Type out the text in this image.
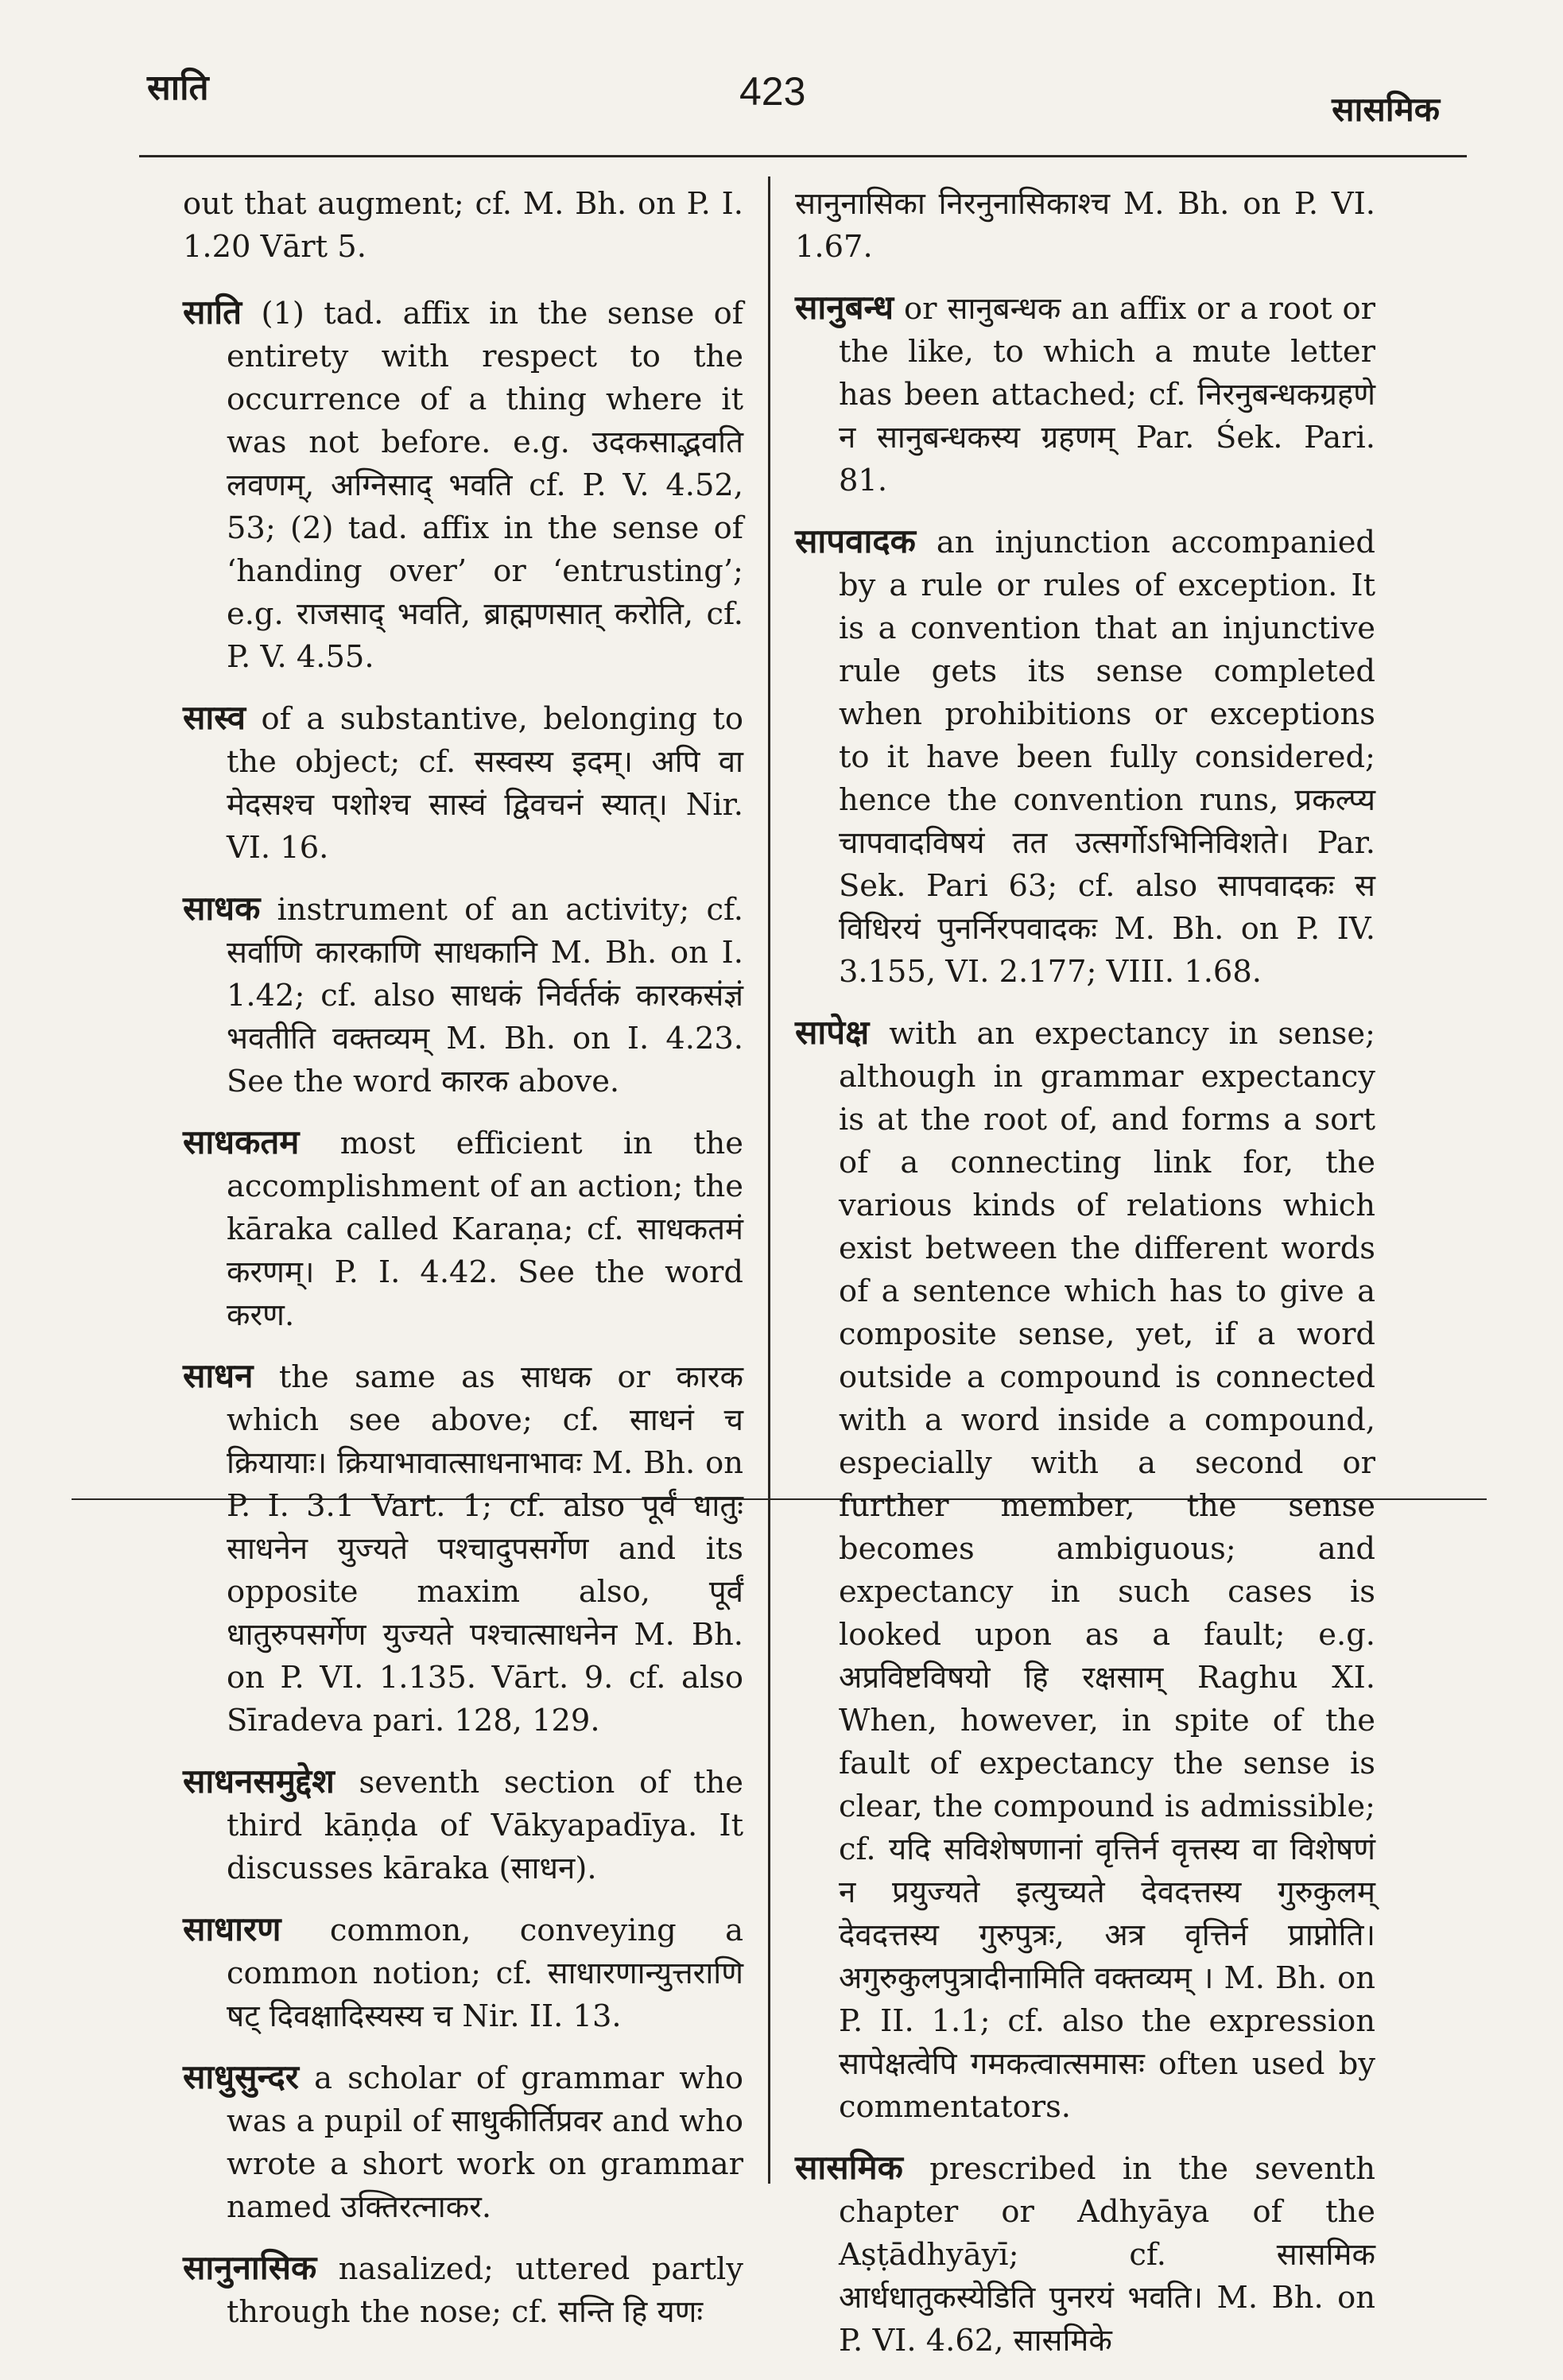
साति	423	सासमिक

out that augment; cf. M. Bh. on P. I. 1.20 Vārt 5.

साति (1) tad. affix in the sense of entirety with respect to the occurrence of a thing where it was not before. e.g. उदकसाद्भवति लवणम्, अग्निसाद् भवति cf. P. V. 4.52, 53; (2) tad. affix in the sense of ‘handing over’ or ‘entrusting’; e.g. राजसाद् भवति, ब्राह्मणसात् करोति, cf. P. V. 4.55.

सास्व of a substantive, belonging to the object; cf. सस्वस्य इदम्। अपि वा मेदसश्च पशोश्च सास्वं द्विवचनं स्यात्। Nir. VI. 16.

साधक instrument of an activity; cf. सर्वाणि कारकाणि साधकानि M. Bh. on I. 1.42; cf. also साधकं निर्वर्तकं कारकसंज्ञं भवतीति वक्तव्यम् M. Bh. on I. 4.23. See the word कारक above.

साधकतम most efficient in the accomplishment of an action; the kāraka called Karaṇa; cf. साधकतमं करणम्। P. I. 4.42. See the word करण.

साधन the same as साधक or कारक which see above; cf. साधनं च क्रियायाः। क्रियाभावात्साधनाभावः M. Bh. on P. I. 3.1 Vart. 1; cf. also पूर्वं धातुः साधनेन युज्यते पश्चादुपसर्गेण and its opposite maxim also, पूर्वं धातुरुपसर्गेण युज्यते पश्चात्साधनेन M. Bh. on P. VI. 1.135. Vārt. 9. cf. also Sīradeva pari. 128, 129.

साधनसमुद्देश seventh section of the third kāṇḍa of Vākyapadīya. It discusses kāraka (साधन).

साधारण common, conveying a common notion; cf. साधारणान्युत्तराणि षट् दिवक्षादिस्यस्य च Nir. II. 13.

साधुसुन्दर a scholar of grammar who was a pupil of साधुकीर्तिप्रवर and who wrote a short work on grammar named उक्तिरत्नाकर.

सानुनासिक nasalized; uttered partly through the nose; cf. सन्ति हि यणः

सानुनासिका निरनुनासिकाश्च M. Bh. on P. VI. 1.67.

सानुबन्ध or सानुबन्धक an affix or a root or the like, to which a mute letter has been attached; cf. निरनुबन्धकग्रहणे न सानुबन्धकस्य ग्रहणम् Par. Śek. Pari. 81.

सापवादक an injunction accompanied by a rule or rules of exception. It is a convention that an injunctive rule gets its sense completed when prohibitions or exceptions to it have been fully considered; hence the convention runs, प्रकल्प्य चापवादविषयं तत उत्सर्गोऽभिनिविशते। Par. Sek. Pari 63; cf. also सापवादकः स विधिरयं पुनर्निरपवादकः M. Bh. on P. IV. 3.155, VI. 2.177; VIII. 1.68.

सापेक्ष with an expectancy in sense; although in grammar expectancy is at the root of, and forms a sort of a connecting link for, the various kinds of relations which exist between the different words of a sentence which has to give a composite sense, yet, if a word outside a compound is connected with a word inside a compound, especially with a second or further member, the sense becomes ambiguous; and expectancy in such cases is looked upon as a fault; e.g. अप्रविष्टविषयो हि रक्षसाम् Raghu XI. When, however, in spite of the fault of expectancy the sense is clear, the compound is admissible; cf. यदि सविशेषणानां वृत्तिर्न वृत्तस्य वा विशेषणं न प्रयुज्यते इत्युच्यते देवदत्तस्य गुरुकुलम् देवदत्तस्य गुरुपुत्रः, अत्र वृत्तिर्न प्राप्नोति। अगुरुकुलपुत्रादीनामिति वक्तव्यम् । M. Bh. on P. II. 1.1; cf. also the expression सापेक्षत्वेपि गमकत्वात्समासः often used by commentators.

सासमिक prescribed in the seventh chapter or Adhyāya of the Aṣṭādhyāyī; cf. सासमिक आर्धधातुकस्येडिति पुनरयं भवति। M. Bh. on P. VI. 4.62, सासमिके
